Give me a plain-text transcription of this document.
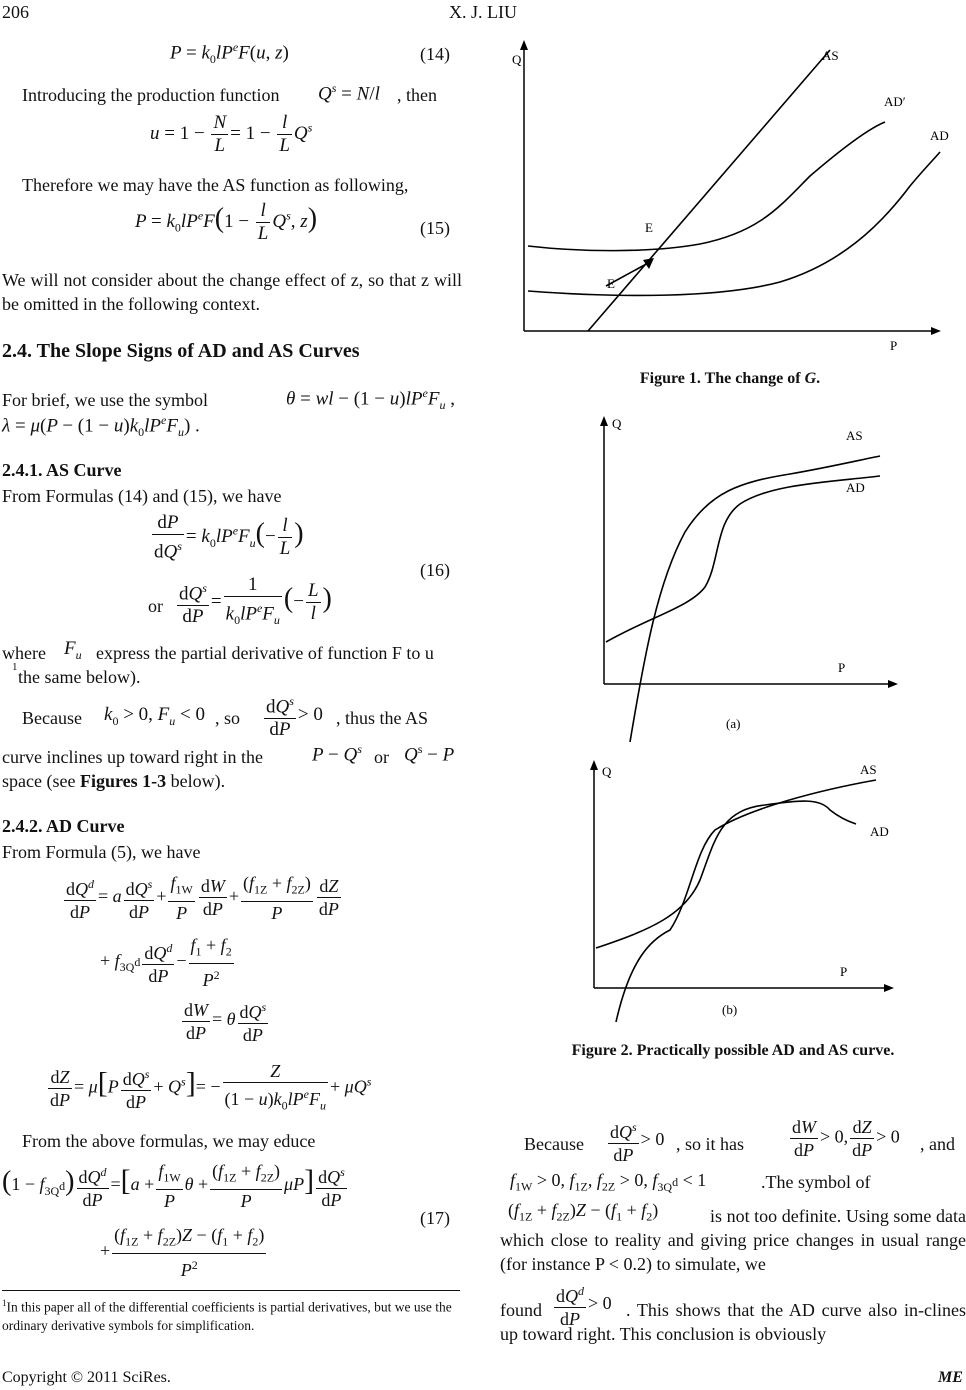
206	X. J. LIU
$P = k_0lP^eF(u$, z)	(14)
Introducing the production function $Q^s = N/l$ , then
$u = 1 - \frac{N}{L} = 1 - \frac{l}{L} Q^s$
Therefore we may have the AS function as following,
$P = k_0lP^eF(1 - \frac{l}{L} Q^s$, z)	(15)
We will not consider about the change effect of z, so that z will be omitted in the following context.
2.4. The Slope Signs of AD and AS Curves
For brief, we use the symbol	θ = wl − $(1 - u)lP^eF_u$ ,
$\lambda = \mu(P - (1 - u)k_0lP^eF_u)$ .
2.4.1. AS Curve
From Formulas (14) and (15), we have
$\frac{dP}{dQ^s} = k_0lP^eF_u(- \frac{l}{L}$ )
(16)
or $\frac{dQ^s}{dP} = \frac{1}{k_0lP^eF_u}$ (− $\frac{L}{l}$ )
where $F_u$ express the partial derivative of function F to u
1 the same below).
Because $k_0 > 0$, $F_u < 0$ , so $\frac{dQ^s}{dP} > 0$ , thus the AS
curve inclines up toward right in the	$P - Q^s$ or $Q^s - P$
space (see Figures 1-3 below).
2.4.2. AD Curve
From Formula (5), we have
$\frac{dQ^d}{dP} = a \frac{dQ^s}{dP} + \frac{f_{1W}}{P} \frac{dW}{dP} + \frac{(f_{1Z} + f_{2Z})}{P} \frac{dZ}{dP}$
+ $f_{3Q^d} \frac{dQ^d}{dP} - \frac{f_1 + f_2}{P^2}$
$\frac{dW}{dP} = \theta \frac{dQ^s}{dP}$
$\frac{dZ}{dP} = \mu[P \frac{dQ^s}{dP} + Q^s]= - \frac{Z}{(1 - u)k_0lP^eF_u} + \mu Q^s$
From the above formulas, we may educe
$(1 - f_{3Q^d}) \frac{dQ^d}{dP} =[a + \frac{f_{1W}}{P}$ $\theta + \frac{(f_{1Z} + f_{2Z})}{P} \mu P] \frac{dQ^s}{dP}$
(17)
+ $\frac{(f_{1Z} + f_{2Z})Z - (f_1 + f_2)}{P^2}$
$^1$In this paper all of the differential coefficients is partial derivatives, but we use the ordinary derivative symbols for simplification.
Q
P
AS
AD′
AD
E
E
Figure 1. The change of G.
Q
P
AS
AD
(a)
Q
P
AS
AD
(b)
Figure 2. Practically possible AD and AS curve.
Because $\frac{dQ^s}{dP} > 0$ , so it has	$\frac{dW}{dP} > 0$, $\frac{dZ}{dP} > 0$ , and
$f_{1W} > 0$, $f_{1Z}$, $f_{2Z} > 0$, $f_{3Q^d} < 1$	.The symbol of
$(f_{1Z} + f_{2Z})Z - (f_1 + f_2)$	is not too definite. Using some data which close to reality and giving price changes in usual range (for instance P < 0.2) to simulate, we
found $\frac{dQ^d}{dP} > 0$ . This shows that the AD curve also in-clines up toward right. This conclusion is obviously
Copyright © 2011 SciRes.	ME
